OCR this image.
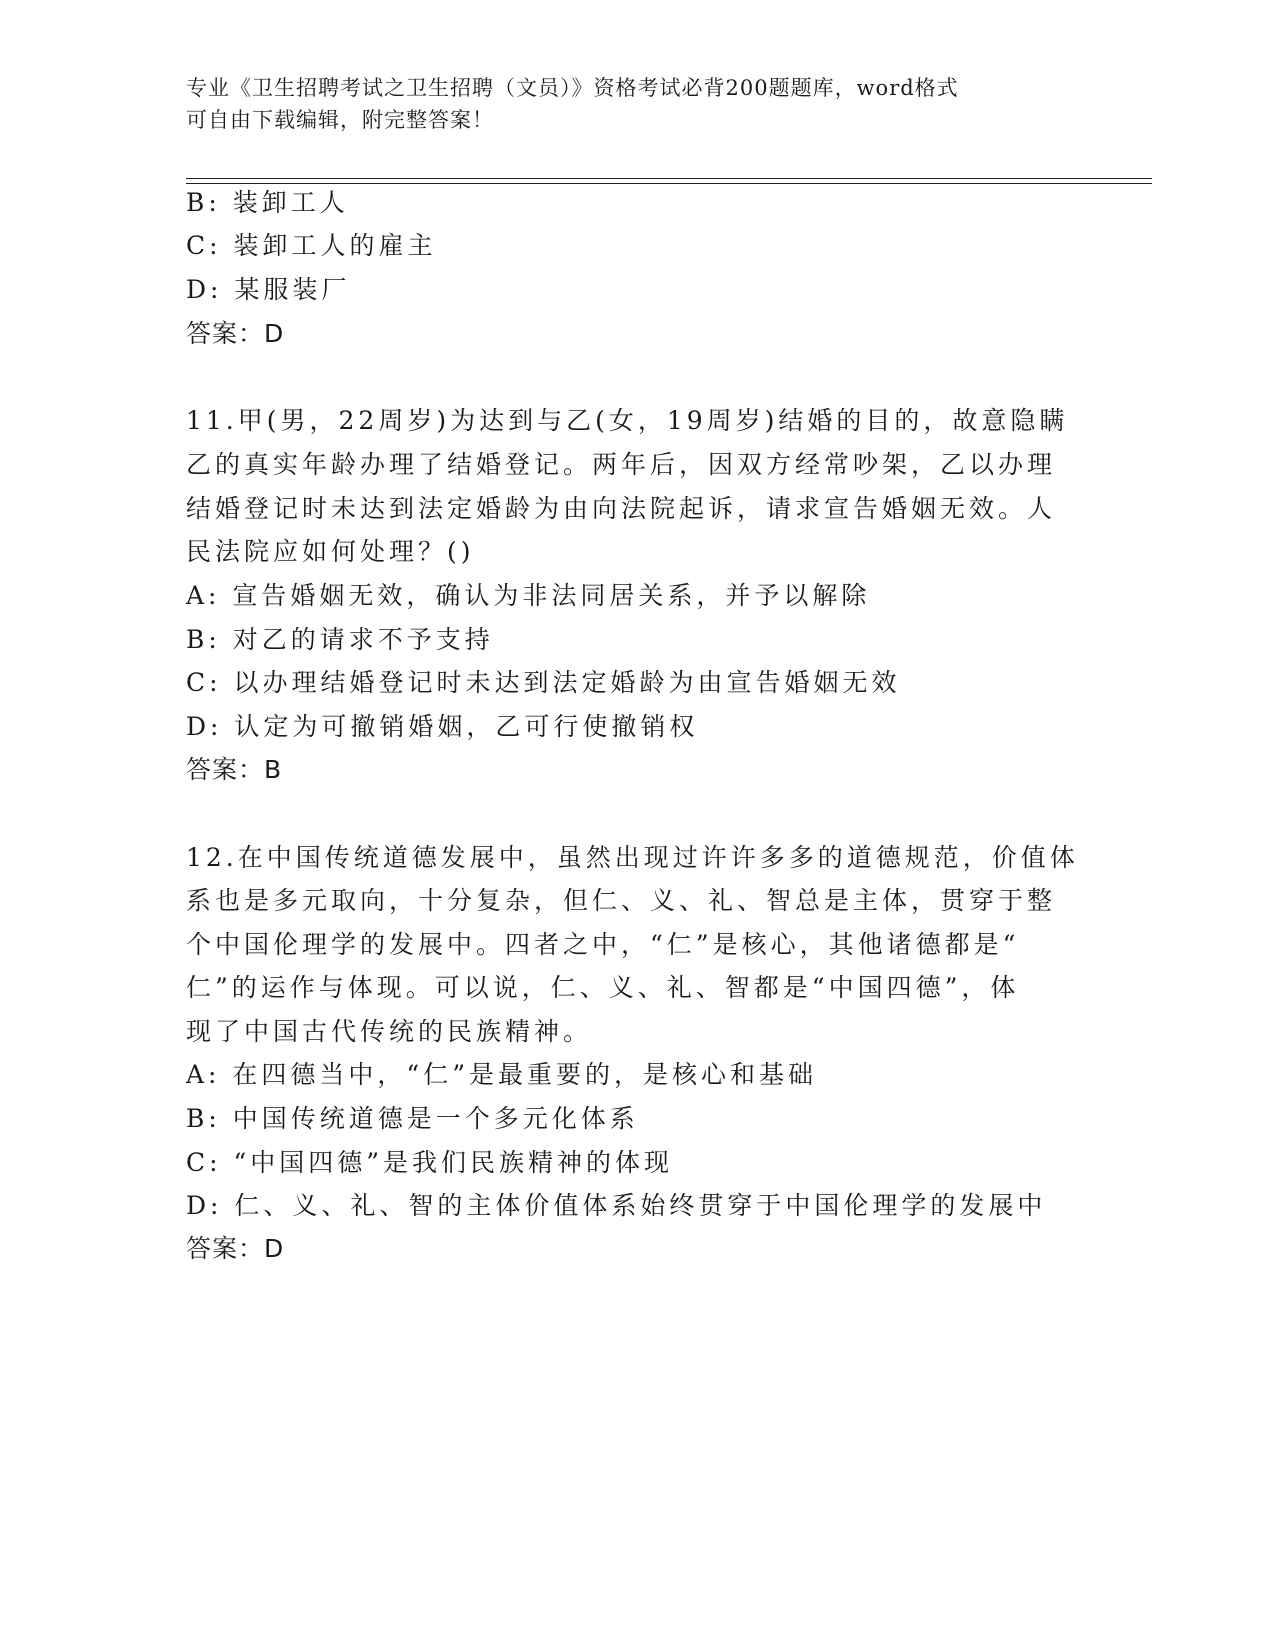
专业《卫生招聘考试之卫生招聘（文员）》资格考试必背200题题库，word格式
可自由下载编辑，附完整答案！
B: 装卸工人
C: 装卸工人的雇主
D: 某服装厂
答案：D
11.甲(男，22周岁)为达到与乙(女，19周岁)结婚的目的，故意隐瞒
乙的真实年龄办理了结婚登记。两年后，因双方经常吵架，乙以办理
结婚登记时未达到法定婚龄为由向法院起诉，请求宣告婚姻无效。人
民法院应如何处理？()
A: 宣告婚姻无效，确认为非法同居关系，并予以解除
B: 对乙的请求不予支持
C: 以办理结婚登记时未达到法定婚龄为由宣告婚姻无效
D: 认定为可撤销婚姻，乙可行使撤销权
答案：B
12.在中国传统道德发展中，虽然出现过许许多多的道德规范，价值体
系也是多元取向，十分复杂，但仁、义、礼、智总是主体，贯穿于整
个中国伦理学的发展中。四者之中，“仁”是核心，其他诸德都是“
仁”的运作与体现。可以说，仁、义、礼、智都是“中国四德”，体
现了中国古代传统的民族精神。
A: 在四德当中，“仁”是最重要的，是核心和基础
B: 中国传统道德是一个多元化体系
C: “中国四德”是我们民族精神的体现
D: 仁、义、礼、智的主体价值体系始终贯穿于中国伦理学的发展中
答案：D
